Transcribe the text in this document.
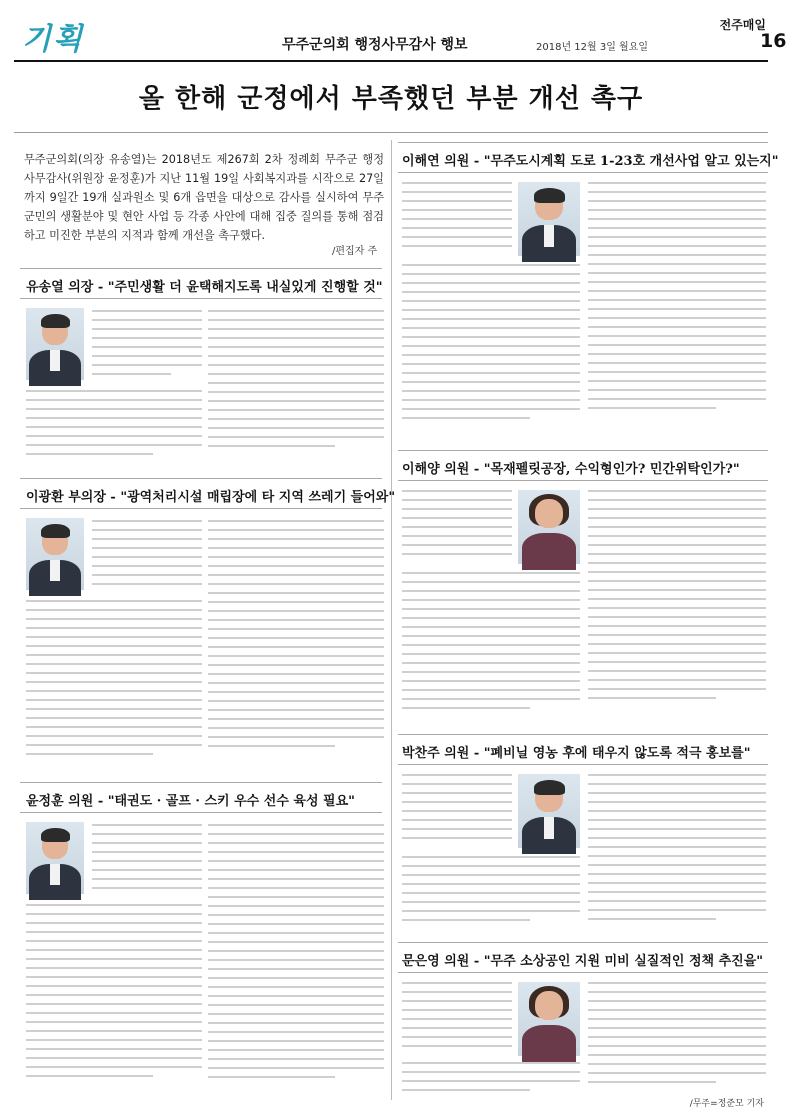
기획	전주매일
무주군의회 행정사무감사 행보	2018년 12월 3일 월요일	16
올 한해 군정에서 부족했던 부분 개선 촉구
무주군의회(의장 유송열)는 2018년도 제267회 2차 정례회 무주군 행정사무감사(위원장 윤정훈)가 지난 11월 19일 사회복지과를 시작으로 27일까지 9일간 19개 실과원소 및 6개 읍면을 대상으로 감사를 실시하여 무주군민의 생활분야 및 현안 사업 등 각종 사안에 대해 집중 질의를 통해 점검하고 미진한 부분의 지적과 함께 개선을 촉구했다.
/편집자 주
유송열 의장 - "주민생활 더 윤택해지도록 내실있게 진행할 것"
이광환 부의장 - "광역처리시설 매립장에 타 지역 쓰레기 들어와"
윤정훈 의원 - "태권도 · 골프 · 스키 우수 선수 육성 필요"
이해연 의원 - "무주도시계획 도로 1-23호 개선사업 알고 있는지"
이해양 의원 - "목재펠릿공장, 수익형인가? 민간위탁인가?"
박찬주 의원 - "폐비닐 영농 후에 태우지 않도록 적극 홍보를"
문은영 의원 - "무주 소상공인 지원 미비 실질적인 정책 추진을"
/무주=정준모 기자
